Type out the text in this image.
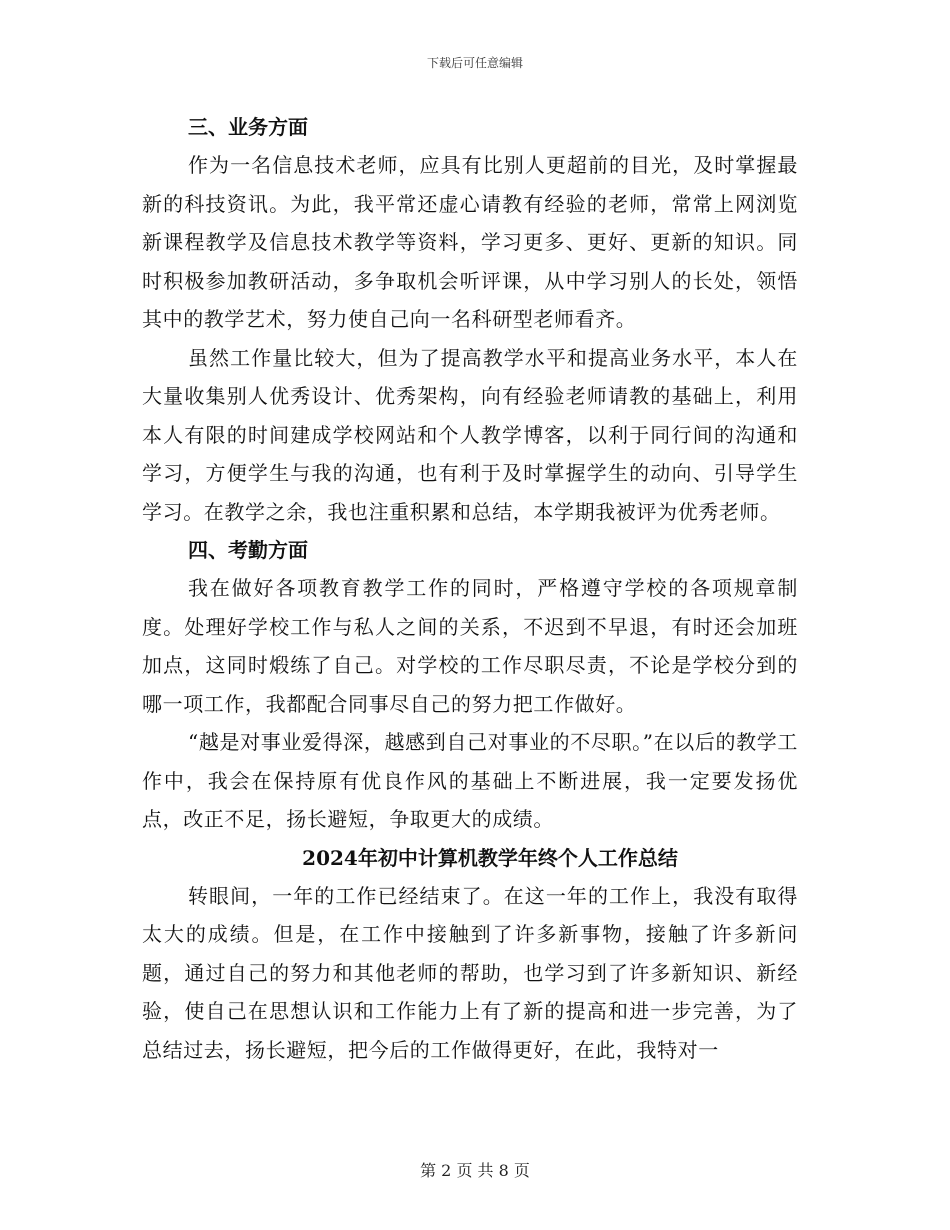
下载后可任意编辑

三、业务方面

作为一名信息技术老师，应具有比别人更超前的目光，及时掌握最新的科技资讯。为此，我平常还虚心请教有经验的老师，常常上网浏览新课程教学及信息技术教学等资料，学习更多、更好、更新的知识。同时积极参加教研活动，多争取机会听评课，从中学习别人的长处，领悟其中的教学艺术，努力使自己向一名科研型老师看齐。

虽然工作量比较大，但为了提高教学水平和提高业务水平，本人在大量收集别人优秀设计、优秀架构，向有经验老师请教的基础上，利用本人有限的时间建成学校网站和个人教学博客，以利于同行间的沟通和学习，方便学生与我的沟通，也有利于及时掌握学生的动向、引导学生学习。在教学之余，我也注重积累和总结，本学期我被评为优秀老师。

四、考勤方面

我在做好各项教育教学工作的同时，严格遵守学校的各项规章制度。处理好学校工作与私人之间的关系，不迟到不早退，有时还会加班加点，这同时煅练了自己。对学校的工作尽职尽责，不论是学校分到的哪一项工作，我都配合同事尽自己的努力把工作做好。

“越是对事业爱得深，越感到自己对事业的不尽职。”在以后的教学工作中，我会在保持原有优良作风的基础上不断进展，我一定要发扬优点，改正不足，扬长避短，争取更大的成绩。

2024年初中计算机教学年终个人工作总结

转眼间，一年的工作已经结束了。在这一年的工作上，我没有取得太大的成绩。但是，在工作中接触到了许多新事物，接触了许多新问题，通过自己的努力和其他老师的帮助，也学习到了许多新知识、新经验，使自己在思想认识和工作能力上有了新的提高和进一步完善，为了总结过去，扬长避短，把今后的工作做得更好，在此，我特对一

第 2 页 共 8 页
